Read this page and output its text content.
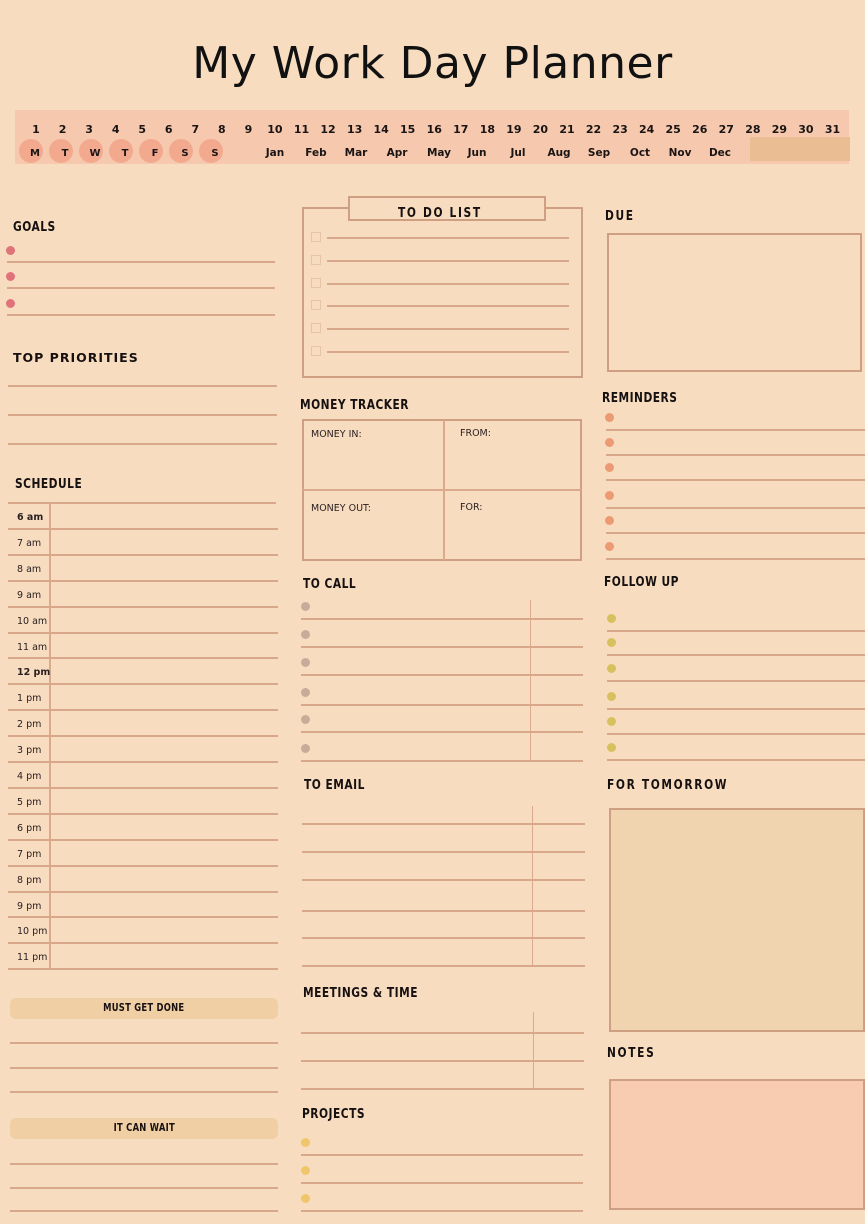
My Work Day Planner
1	2	3	4	5	6	7	8	9	10	11	12	13	14	15	16	17	18	19	20	21	22	23	24	25	26	27	28	29	30	31
M	T	W	T	F	S	S	Jan	Feb	Mar	Apr	May	Jun	Jul	Aug	Sep	Oct	Nov	Dec
GOALS
TOP PRIORITIES
SCHEDULE
MUST GET DONE
IT CAN WAIT
TO DO LIST
MONEY TRACKER
MONEY IN:	FROM:
MONEY OUT:	FOR:
TO CALL
TO EMAIL
MEETINGS & TIME
PROJECTS
DUE
REMINDERS
FOLLOW UP
FOR TOMORROW
NOTES
6 am
7 am
8 am
9 am
10 am
11 am
12 pm
1 pm
2 pm
3 pm
4 pm
5 pm
6 pm
7 pm
8 pm
9 pm
10 pm
11 pm
